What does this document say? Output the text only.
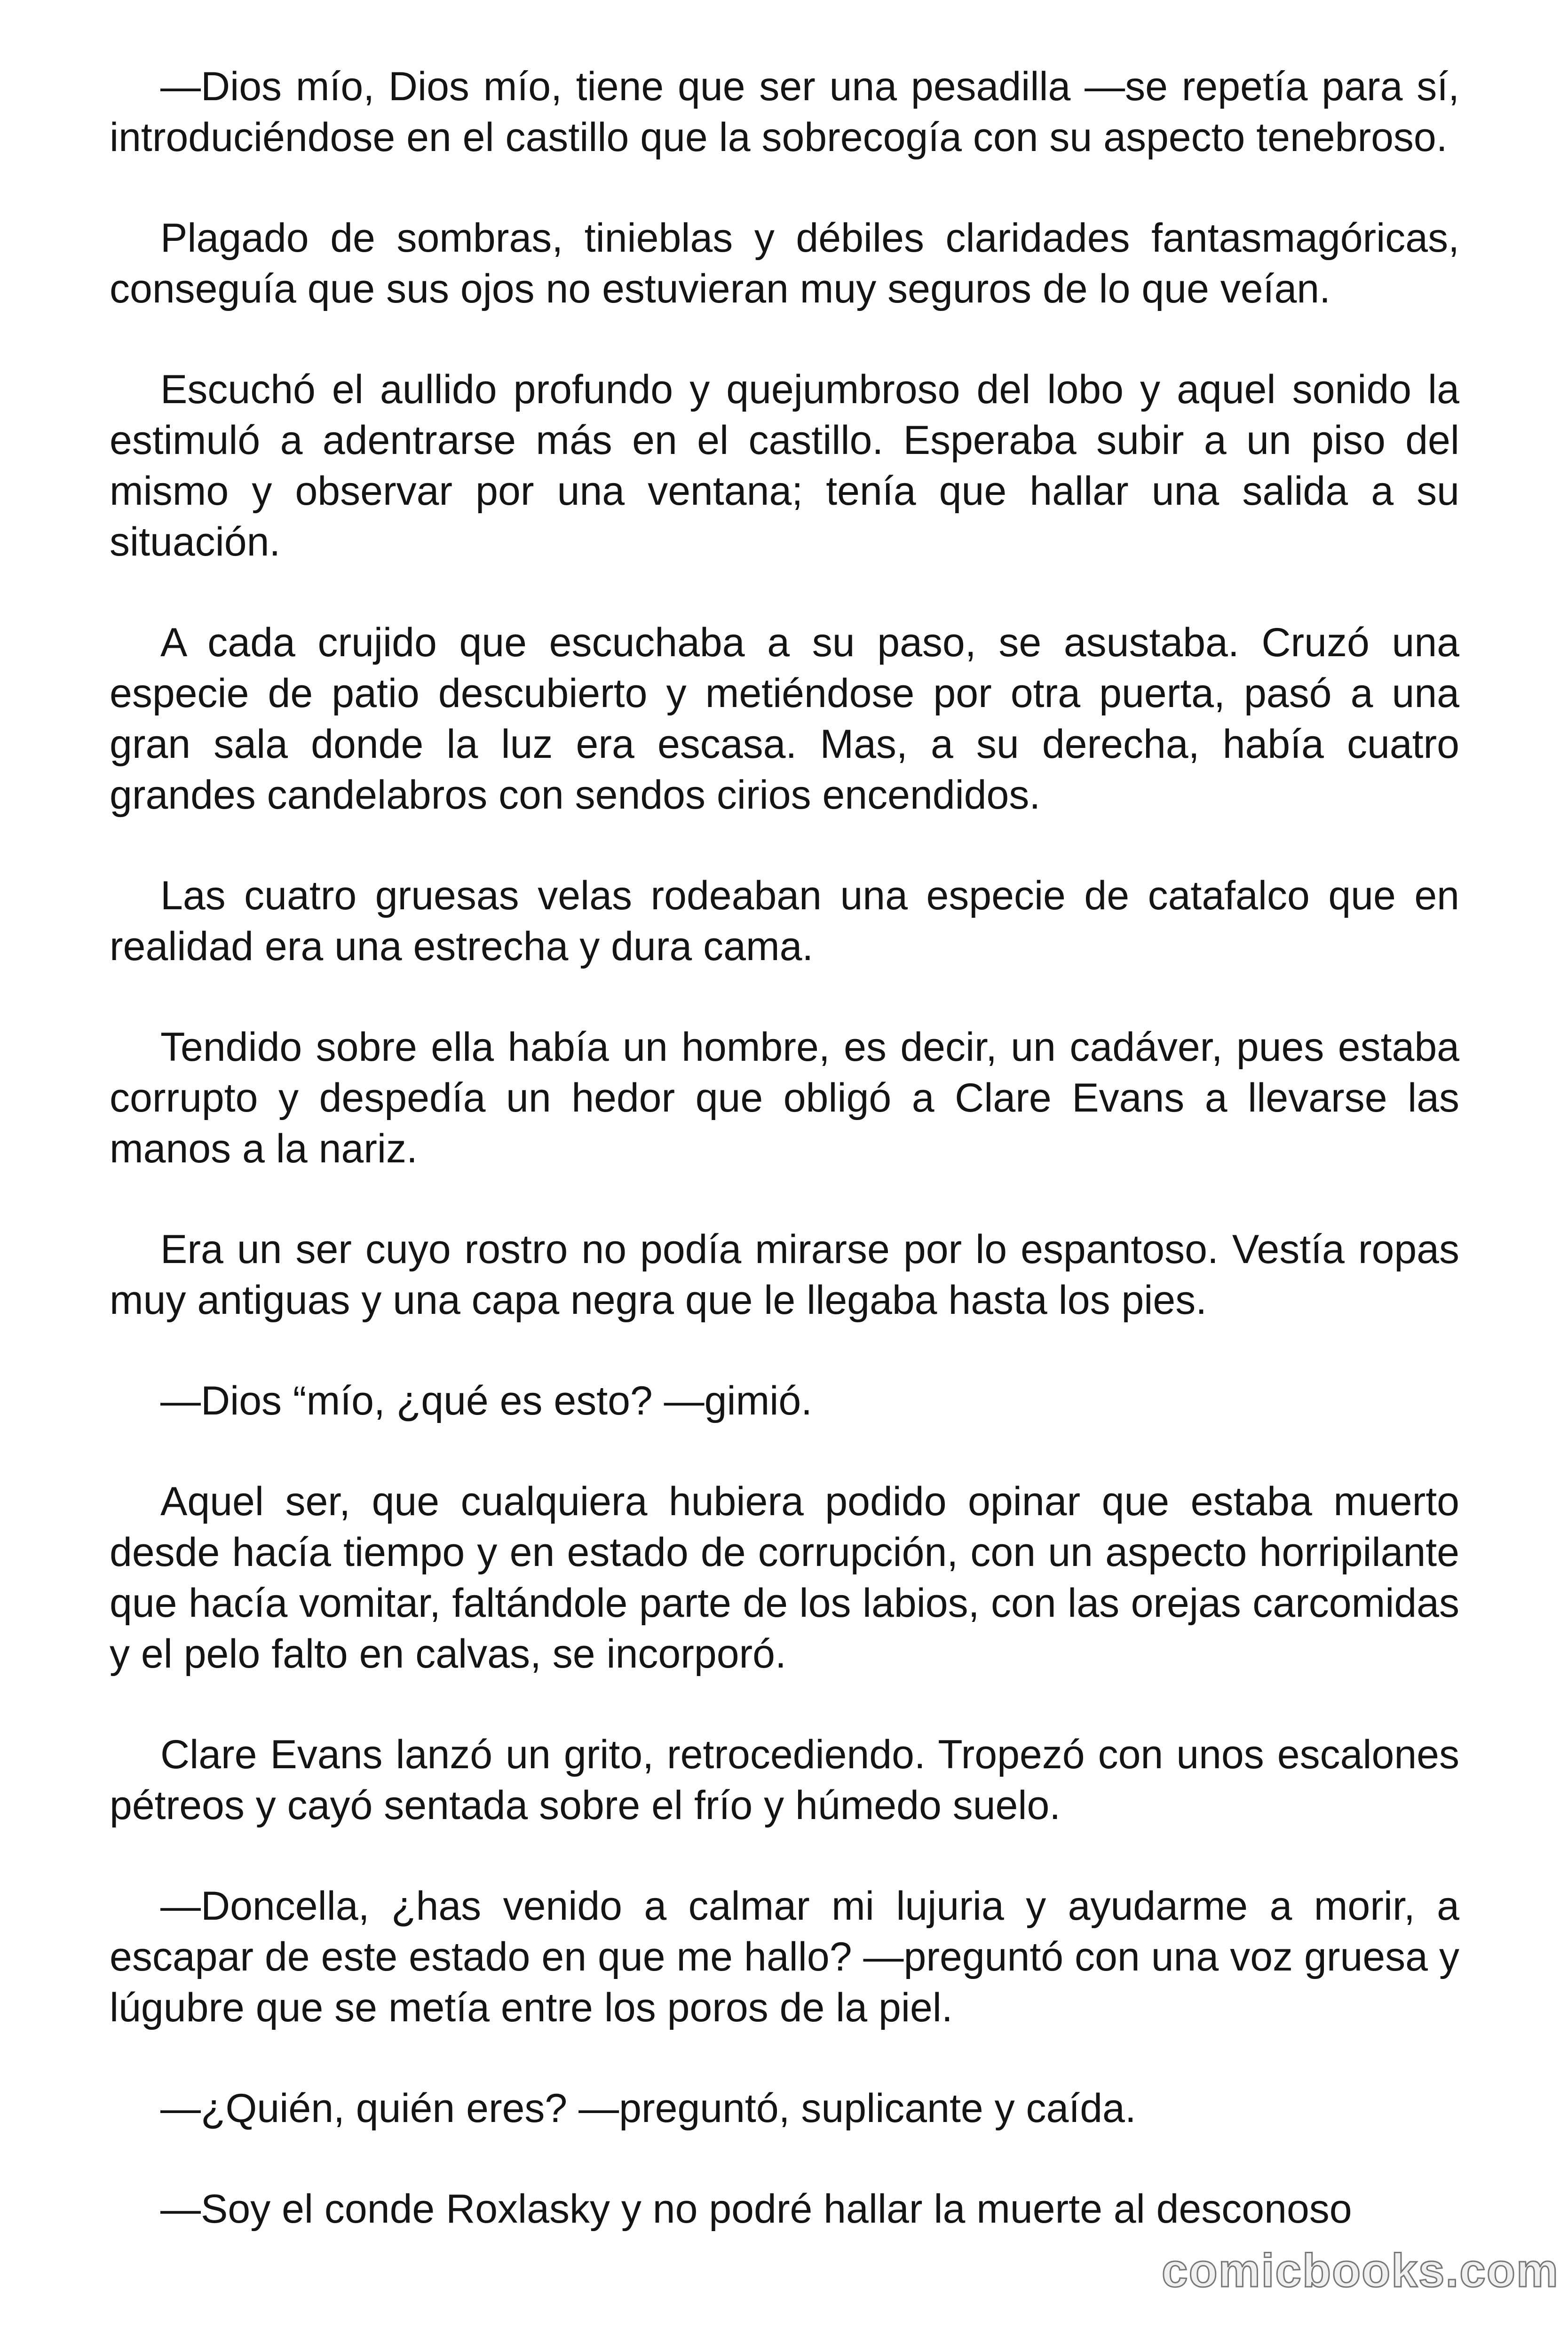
—Dios mío, Dios mío, tiene que ser una pesadilla —se repetía para sí, introduciéndose en el castillo que la sobrecogía con su aspecto tenebroso.

Plagado de sombras, tinieblas y débiles claridades fantasmagóricas, conseguía que sus ojos no estuvieran muy seguros de lo que veían.

Escuchó el aullido profundo y quejumbroso del lobo y aquel sonido la estimuló a adentrarse más en el castillo. Esperaba subir a un piso del mismo y observar por una ventana; tenía que hallar una salida a su situación.

A cada crujido que escuchaba a su paso, se asustaba. Cruzó una especie de patio descubierto y metiéndose por otra puerta, pasó a una gran sala donde la luz era escasa. Mas, a su derecha, había cuatro grandes candelabros con sendos cirios encendidos.

Las cuatro gruesas velas rodeaban una especie de catafalco que en realidad era una estrecha y dura cama.

Tendido sobre ella había un hombre, es decir, un cadáver, pues estaba corrupto y despedía un hedor que obligó a Clare Evans a llevarse las manos a la nariz.

Era un ser cuyo rostro no podía mirarse por lo espantoso. Vestía ropas muy antiguas y una capa negra que le llegaba hasta los pies.

—Dios “mío, ¿qué es esto? —gimió.

Aquel ser, que cualquiera hubiera podido opinar que estaba muerto desde hacía tiempo y en estado de corrupción, con un aspecto horripilante que hacía vomitar, faltándole parte de los labios, con las orejas carcomidas y el pelo falto en calvas, se incorporó.

Clare Evans lanzó un grito, retrocediendo. Tropezó con unos escalones pétreos y cayó sentada sobre el frío y húmedo suelo.

—Doncella, ¿has venido a calmar mi lujuria y ayudarme a morir, a escapar de este estado en que me hallo? —preguntó con una voz gruesa y lúgubre que se metía entre los poros de la piel.

—¿Quién, quién eres? —preguntó, suplicante y caída.

—Soy el conde Roxlasky y no podré hallar la muerte al desconoso

comicbooks.com
